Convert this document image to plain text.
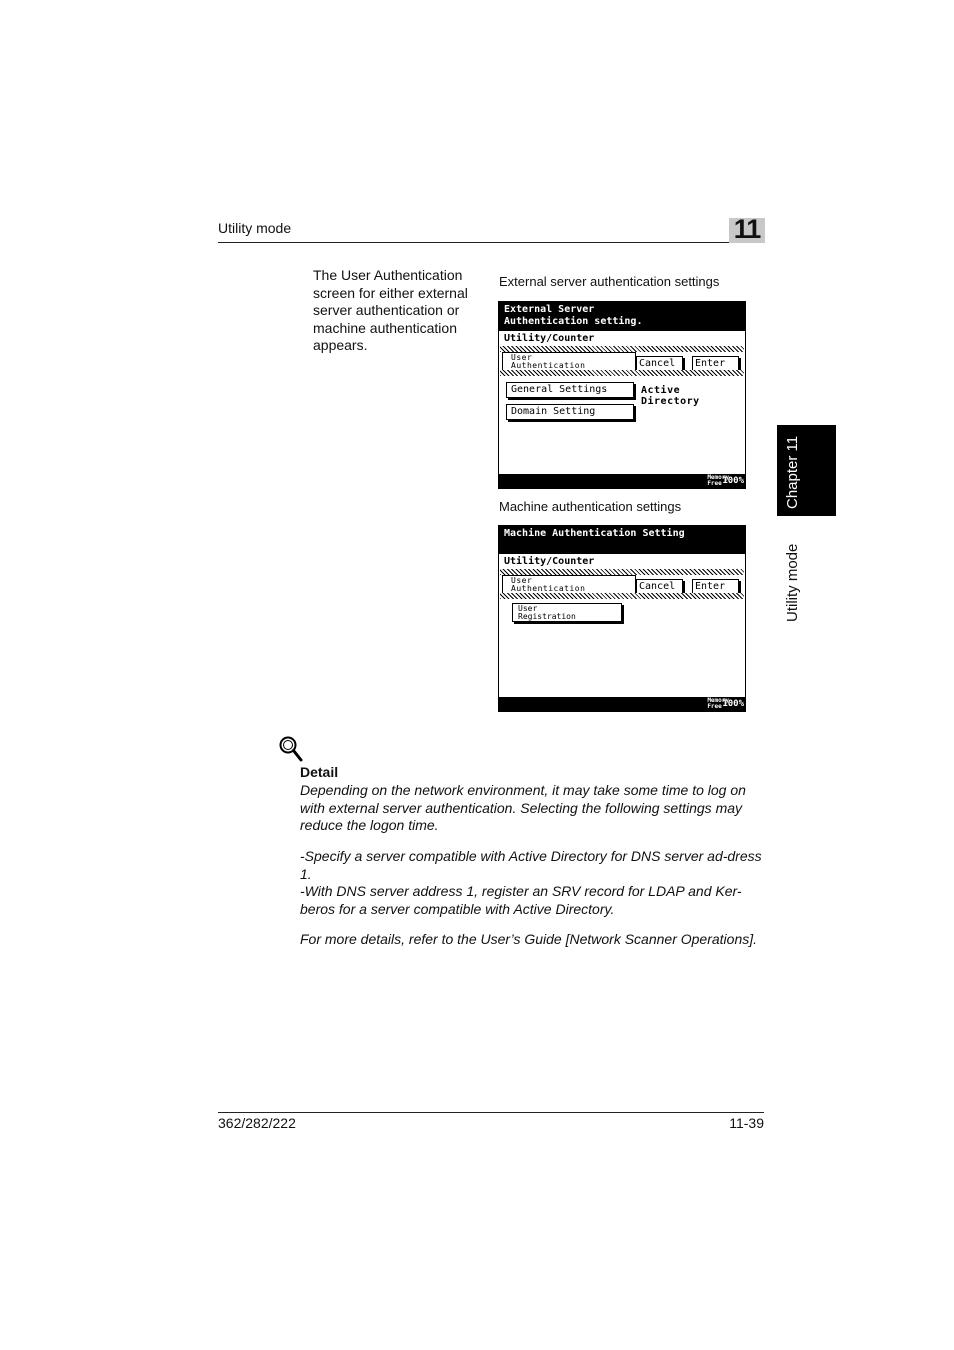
Utility mode	11
Chapter 11
Utility mode
The User Authentication screen for either external server authentication or machine authentication appears.
External server authentication settings
External Server
Authentication setting.
Utility/Counter
User
Authentication	Cancel	Enter
General Settings	Active Directory
Domain Setting
Memory
Free 100%
Machine authentication settings
Machine Authentication Setting
Utility/Counter
User
Authentication	Cancel	Enter
User
Registration
Memory
Free 100%
Detail
Depending on the network environment, it may take some time to log on with external server authentication. Selecting the following settings may reduce the logon time.
-Specify a server compatible with Active Directory for DNS server ad-dress 1.
-With DNS server address 1, register an SRV record for LDAP and Ker-beros for a server compatible with Active Directory.
For more details, refer to the User’s Guide [Network Scanner Operations].
362/282/222	11-39
